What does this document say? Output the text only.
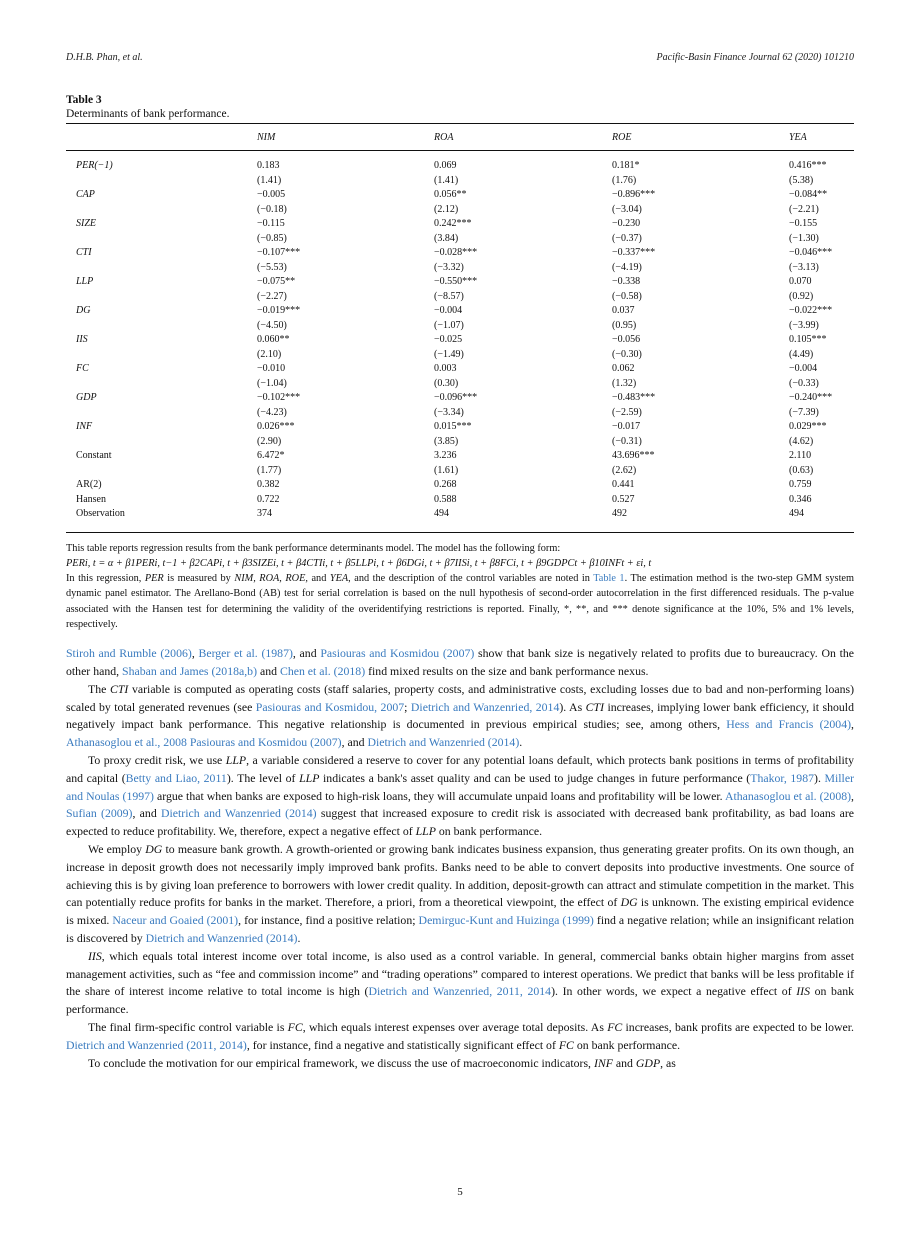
D.H.B. Phan, et al.	Pacific-Basin Finance Journal 62 (2020) 101210
Table 3
Determinants of bank performance.
	NIM	ROA	ROE	YEA

PER(−1)	0.183	0.069	0.181*	0.416***
	(1.41)	(1.41)	(1.76)	(5.38)
CAP	−0.005	0.056**	−0.896***	−0.084**
	(−0.18)	(2.12)	(−3.04)	(−2.21)
SIZE	−0.115	0.242***	−0.230	−0.155
	(−0.85)	(3.84)	(−0.37)	(−1.30)
CTI	−0.107***	−0.028***	−0.337***	−0.046***
	(−5.53)	(−3.32)	(−4.19)	(−3.13)
LLP	−0.075**	−0.550***	−0.338	0.070
	(−2.27)	(−8.57)	(−0.58)	(0.92)
DG	−0.019***	−0.004	0.037	−0.022***
	(−4.50)	(−1.07)	(0.95)	(−3.99)
IIS	0.060**	−0.025	−0.056	0.105***
	(2.10)	(−1.49)	(−0.30)	(4.49)
FC	−0.010	0.003	0.062	−0.004
	(−1.04)	(0.30)	(1.32)	(−0.33)
GDP	−0.102***	−0.096***	−0.483***	−0.240***
	(−4.23)	(−3.34)	(−2.59)	(−7.39)
INF	0.026***	0.015***	−0.017	0.029***
	(2.90)	(3.85)	(−0.31)	(4.62)
Constant	6.472*	3.236	43.696***	2.110
	(1.77)	(1.61)	(2.62)	(0.63)
AR(2)	0.382	0.268	0.441	0.759
Hansen	0.722	0.588	0.527	0.346
Observation	374	494	492	494
This table reports regression results from the bank performance determinants model. The model has the following form:
PERi, t = α + β1PERi, t−1 + β2CAPi, t + β3SIZEi, t + β4CTIi, t + β5LLPi, t + β6DGi, t + β7IISi, t + β8FCi, t + β9GDPCt + β10INFt + εi, t
In this regression, PER is measured by NIM, ROA, ROE, and YEA, and the description of the control variables are noted in Table 1. The estimation method is the two-step GMM system dynamic panel estimator. The Arellano-Bond (AB) test for serial correlation is based on the null hypothesis of second-order autocorrelation in the first differenced residuals. The p-value associated with the Hansen test for determining the validity of the overidentifying restrictions is reported. Finally, *, **, and *** denote significance at the 10%, 5% and 1% levels, respectively.

Stiroh and Rumble (2006), Berger et al. (1987), and Pasiouras and Kosmidou (2007) show that bank size is negatively related to profits due to bureaucracy. On the other hand, Shaban and James (2018a,b) and Chen et al. (2018) find mixed results on the size and bank performance nexus.

The CTI variable is computed as operating costs (staff salaries, property costs, and administrative costs, excluding losses due to bad and non-performing loans) scaled by total generated revenues (see Pasiouras and Kosmidou, 2007; Dietrich and Wanzenried, 2014). As CTI increases, implying lower bank efficiency, it should negatively impact bank performance. This negative relationship is documented in previous empirical studies; see, among others, Hess and Francis (2004), Athanasoglou et al., 2008 Pasiouras and Kosmidou (2007), and Dietrich and Wanzenried (2014).

To proxy credit risk, we use LLP, a variable considered a reserve to cover for any potential loans default, which protects bank positions in terms of profitability and capital (Betty and Liao, 2011). The level of LLP indicates a bank's asset quality and can be used to judge changes in future performance (Thakor, 1987). Miller and Noulas (1997) argue that when banks are exposed to high-risk loans, they will accumulate unpaid loans and profitability will be lower. Athanasoglou et al. (2008), Sufian (2009), and Dietrich and Wanzenried (2014) suggest that increased exposure to credit risk is associated with decreased bank profitability, as bad loans are expected to reduce profitability. We, therefore, expect a negative effect of LLP on bank performance.

We employ DG to measure bank growth. A growth-oriented or growing bank indicates business expansion, thus generating greater profits. On its own though, an increase in deposit growth does not necessarily imply improved bank profits. Banks need to be able to convert deposits into productive investments. One source of achieving this is by giving loan preference to borrowers with lower credit quality. In addition, deposit-growth can attract and stimulate competition in the market. This can potentially reduce profits for banks in the market. Therefore, a priori, from a theoretical viewpoint, the effect of DG is unknown. The existing empirical evidence is mixed. Naceur and Goaied (2001), for instance, find a positive relation; Demirguc-Kunt and Huizinga (1999) find a negative relation; while an insignificant relation is discovered by Dietrich and Wanzenried (2014).

IIS, which equals total interest income over total income, is also used as a control variable. In general, commercial banks obtain higher margins from asset management activities, such as “fee and commission income” and “trading operations” compared to interest operations. We predict that banks will be less profitable if the share of interest income relative to total income is high (Dietrich and Wanzenried, 2011, 2014). In other words, we expect a negative effect of IIS on bank performance.

The final firm-specific control variable is FC, which equals interest expenses over average total deposits. As FC increases, bank profits are expected to be lower. Dietrich and Wanzenried (2011, 2014), for instance, find a negative and statistically significant effect of FC on bank performance.

To conclude the motivation for our empirical framework, we discuss the use of macroeconomic indicators, INF and GDP, as

5
